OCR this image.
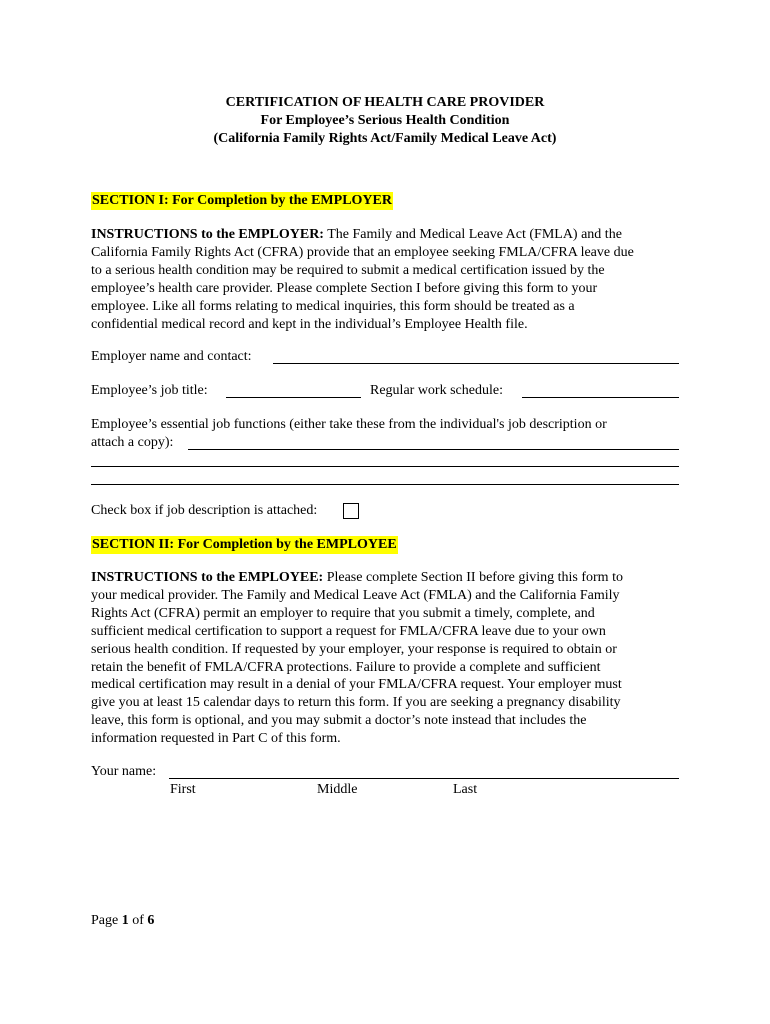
CERTIFICATION OF HEALTH CARE PROVIDER
For Employee’s Serious Health Condition
(California Family Rights Act/Family Medical Leave Act)
SECTION I: For Completion by the EMPLOYER
INSTRUCTIONS to the EMPLOYER: The Family and Medical Leave Act (FMLA) and the
California Family Rights Act (CFRA) provide that an employee seeking FMLA/CFRA leave due
to a serious health condition may be required to submit a medical certification issued by the
employee’s health care provider. Please complete Section I before giving this form to your
employee. Like all forms relating to medical inquiries, this form should be treated as a
confidential medical record and kept in the individual’s Employee Health file.
Employer name and contact:
Employee’s job title:	Regular work schedule:
Employee’s essential job functions (either take these from the individual's job description or
attach a copy):
Check box if job description is attached:
SECTION II: For Completion by the EMPLOYEE
INSTRUCTIONS to the EMPLOYEE: Please complete Section II before giving this form to
your medical provider. The Family and Medical Leave Act (FMLA) and the California Family
Rights Act (CFRA) permit an employer to require that you submit a timely, complete, and
sufficient medical certification to support a request for FMLA/CFRA leave due to your own
serious health condition. If requested by your employer, your response is required to obtain or
retain the benefit of FMLA/CFRA protections. Failure to provide a complete and sufficient
medical certification may result in a denial of your FMLA/CFRA request. Your employer must
give you at least 15 calendar days to return this form. If you are seeking a pregnancy disability
leave, this form is optional, and you may submit a doctor’s note instead that includes the
information requested in Part C of this form.
Your name:
First	Middle	Last
Page 1 of 6
